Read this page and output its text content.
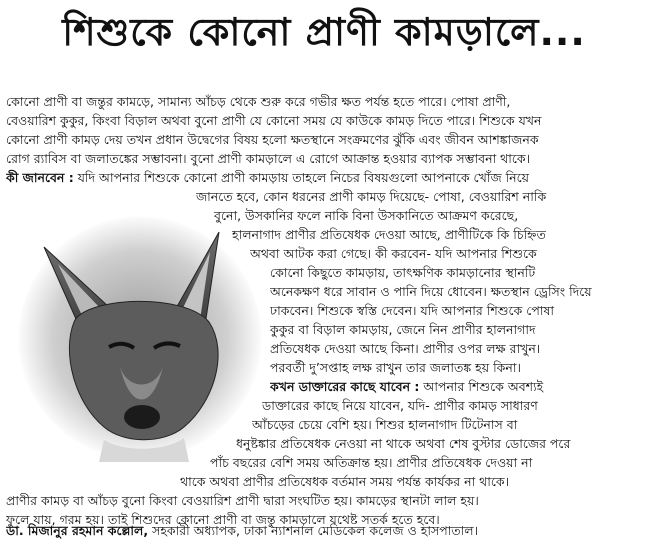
শিশুকে কোনো প্রাণী কামড়ালে...
কোনো প্রাণী বা জন্তুর কামড়ে, সামান্য আঁচড় থেকে শুরু করে গভীর ক্ষত পর্যন্ত হতে পারে। পোষা প্রাণী,
বেওয়ারিশ কুকুর, কিংবা বিড়াল অথবা বুনো প্রাণী যে কোনো সময় যে কাউকে কামড় দিতে পারে। শিশুকে যখন
কোনো প্রাণী কামড় দেয় তখন প্রধান উদ্বেগের বিষয় হলো ক্ষতস্থানে সংক্রমণের ঝুঁকি এবং জীবন আশঙ্কাজনক
রোগ র‌্যাবিস বা জলাতঙ্কের সম্ভাবনা। বুনো প্রাণী কামড়ালে এ রোগে আক্রান্ত হওয়ার ব্যাপক সম্ভাবনা থাকে।
কী জানবেন : যদি আপনার শিশুকে কোনো প্রাণী কামড়ায় তাহলে নিচের বিষয়গুলো আপনাকে খোঁজ নিয়ে
জানতে হবে, কোন ধরনের প্রাণী কামড় দিয়েছে- পোষা, বেওয়ারিশ নাকি
বুনো, উসকানির ফলে নাকি বিনা উসকানিতে আক্রমণ করেছে,
হালনাগাদ প্রাণীর প্রতিষেধক দেওয়া আছে, প্রাণীটিকে কি চিহ্নিত
অথবা আটক করা গেছে। কী করবেন- যদি আপনার শিশুকে
কোনো কিছুতে কামড়ায়, তাৎক্ষণিক কামড়ানোর স্থানটি
অনেকক্ষণ ধরে সাবান ও পানি দিয়ে ধোবেন। ক্ষতস্থান ড্রেসিং দিয়ে
ঢাকবেন। শিশুকে স্বস্তি দেবেন। যদি আপনার শিশুকে পোষা
কুকুর বা বিড়াল কামড়ায়, জেনে নিন প্রাণীর হালনাগাদ
প্রতিষেধক দেওয়া আছে কিনা। প্রাণীর ওপর লক্ষ রাখুন।
পরবর্তী দু’সপ্তাহ লক্ষ রাখুন তার জলাতঙ্ক হয় কিনা।
কখন ডাক্তারের কাছে যাবেন : আপনার শিশুকে অবশ্যই
ডাক্তারের কাছে নিয়ে যাবেন, যদি- প্রাণীর কামড় সাধারণ
আঁচড়ের চেয়ে বেশি হয়। শিশুর হালনাগাদ টিটেনাস বা
ধনুষ্টঙ্কার প্রতিষেধক নেওয়া না থাকে অথবা শেষ বুস্টার ডোজের পরে
পাঁচ বছরের বেশি সময় অতিক্রান্ত হয়। প্রাণীর প্রতিষেধক দেওয়া না
থাকে অথবা প্রাণীর প্রতিষেধক বর্তমান সময় পর্যন্ত কার্যকর না থাকে।
প্রাণীর কামড় বা আঁচড় বুনো কিংবা বেওয়ারিশ প্রাণী দ্বারা সংঘটিত হয়। কামড়ের স্থানটা লাল হয়।
ফুলে যায়, গরম হয়। তাই শিশুদের কোনো প্রাণী বা জন্তু কামড়ালে যথেষ্ট সতর্ক হতে হবে।
ডা. মিজানুর রহমান কল্লোল, সহকারী অধ্যাপক, ঢাকা ন্যাশনাল মেডিকেল কলেজ ও হাসপাতাল।
